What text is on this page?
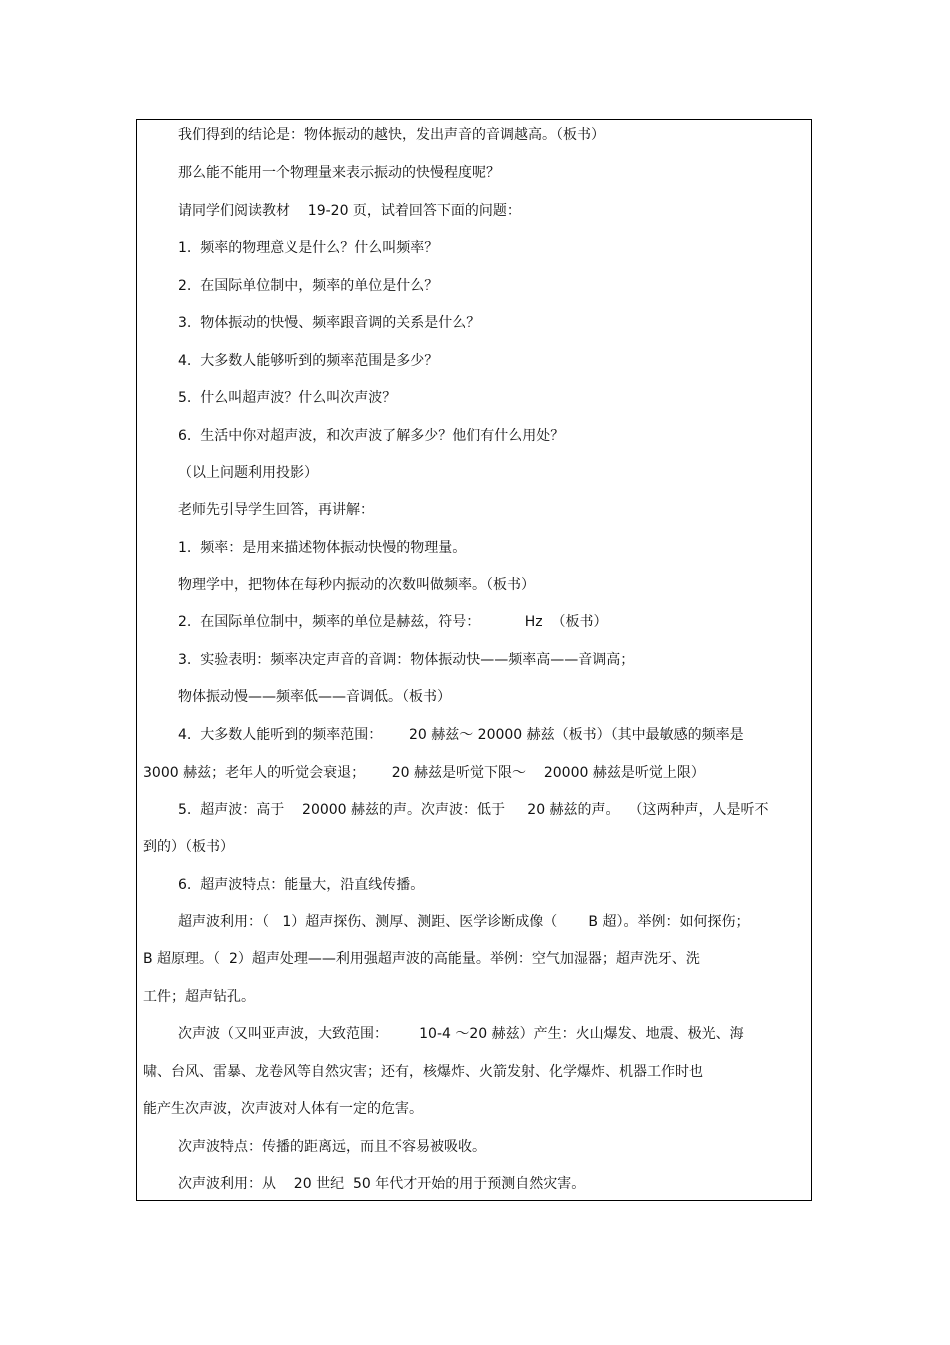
我们得到的结论是：物体振动的越快，发出声音的音调越高。（板书）
那么能不能用一个物理量来表示振动的快慢程度呢？
请同学们阅读教材    19-20 页，试着回答下面的问题：
1.  频率的物理意义是什么？什么叫频率？
2.  在国际单位制中，频率的单位是什么？
3.  物体振动的快慢、频率跟音调的关系是什么？
4.  大多数人能够听到的频率范围是多少？
5.  什么叫超声波？什么叫次声波？
6.  生活中你对超声波，和次声波了解多少？他们有什么用处？
（以上问题利用投影）
老师先引导学生回答，再讲解：
1.  频率：是用来描述物体振动快慢的物理量。
物理学中，把物体在每秒内振动的次数叫做频率。（板书）
2.  在国际单位制中，频率的单位是赫兹，符号：          Hz  （板书）
3.  实验表明：频率决定声音的音调：物体振动快——频率高——音调高；
物体振动慢——频率低——音调低。（板书）
4.  大多数人能听到的频率范围：      20 赫兹～ 20000 赫兹（板书）（其中最敏感的频率是
3000 赫兹；老年人的听觉会衰退；      20 赫兹是听觉下限～    20000 赫兹是听觉上限）
5.  超声波：高于    20000 赫兹的声。次声波：低于     20 赫兹的声。  （这两种声，人是听不
到的）（板书）
6.  超声波特点：能量大，沿直线传播。
超声波利用：（   1）超声探伤、测厚、测距、医学诊断成像（       B 超）。举例：如何探伤；
B 超原理。（  2）超声处理——利用强超声波的高能量。举例：空气加湿器；超声洗牙、洗
工件；超声钻孔。
次声波（又叫亚声波，大致范围：       10-4 ～20 赫兹）产生：火山爆发、地震、极光、海
啸、台风、雷暴、龙卷风等自然灾害；还有，核爆炸、火箭发射、化学爆炸、机器工作时也
能产生次声波，次声波对人体有一定的危害。
次声波特点：传播的距离远，而且不容易被吸收。
次声波利用：从    20 世纪  50 年代才开始的用于预测自然灾害。
